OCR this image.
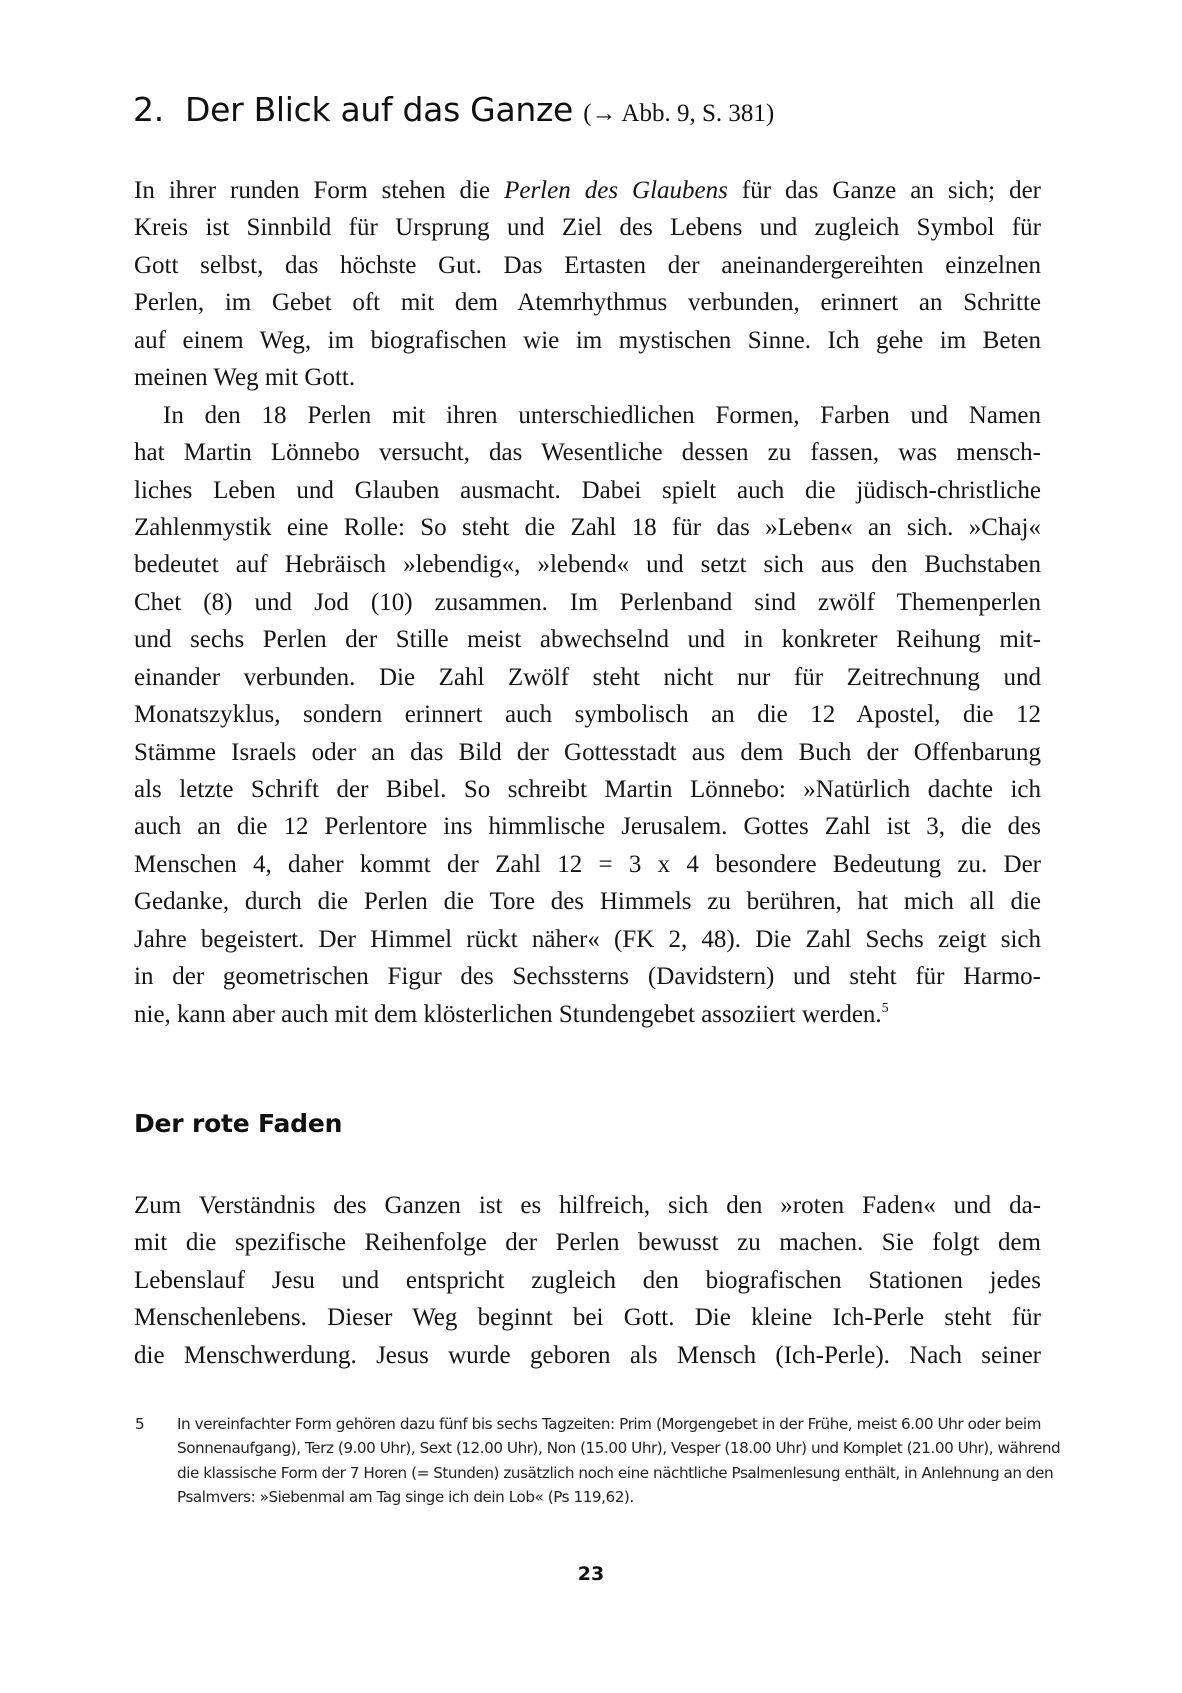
2. Der Blick auf das Ganze (→ Abb. 9, S. 381)
In ihrer runden Form stehen die Perlen des Glaubens für das Ganze an sich; der
Kreis ist Sinnbild für Ursprung und Ziel des Lebens und zugleich Symbol für
Gott selbst, das höchste Gut. Das Ertasten der aneinandergereihten einzelnen
Perlen, im Gebet oft mit dem Atemrhythmus verbunden, erinnert an Schritte
auf einem Weg, im biografischen wie im mystischen Sinne. Ich gehe im Beten
meinen Weg mit Gott.
In den 18 Perlen mit ihren unterschiedlichen Formen, Farben und Namen
hat Martin Lönnebo versucht, das Wesentliche dessen zu fassen, was mensch-
liches Leben und Glauben ausmacht. Dabei spielt auch die jüdisch-christliche
Zahlenmystik eine Rolle: So steht die Zahl 18 für das »Leben« an sich. »Chaj«
bedeutet auf Hebräisch »lebendig«, »lebend« und setzt sich aus den Buchstaben
Chet (8) und Jod (10) zusammen. Im Perlenband sind zwölf Themenperlen
und sechs Perlen der Stille meist abwechselnd und in konkreter Reihung mit-
einander verbunden. Die Zahl Zwölf steht nicht nur für Zeitrechnung und
Monatszyklus, sondern erinnert auch symbolisch an die 12 Apostel, die 12
Stämme Israels oder an das Bild der Gottesstadt aus dem Buch der Offenbarung
als letzte Schrift der Bibel. So schreibt Martin Lönnebo: »Natürlich dachte ich
auch an die 12 Perlentore ins himmlische Jerusalem. Gottes Zahl ist 3, die des
Menschen 4, daher kommt der Zahl 12 = 3 x 4 besondere Bedeutung zu. Der
Gedanke, durch die Perlen die Tore des Himmels zu berühren, hat mich all die
Jahre begeistert. Der Himmel rückt näher« (FK 2, 48). Die Zahl Sechs zeigt sich
in der geometrischen Figur des Sechssterns (Davidstern) und steht für Harmo-
nie, kann aber auch mit dem klösterlichen Stundengebet assoziiert werden.$^5$
Der rote Faden
Zum Verständnis des Ganzen ist es hilfreich, sich den »roten Faden« und da-
mit die spezifische Reihenfolge der Perlen bewusst zu machen. Sie folgt dem
Lebenslauf Jesu und entspricht zugleich den biografischen Stationen jedes
Menschenlebens. Dieser Weg beginnt bei Gott. Die kleine Ich-Perle steht für
die Menschwerdung. Jesus wurde geboren als Mensch (Ich-Perle). Nach seiner
5 In vereinfachter Form gehören dazu fünf bis sechs Tagzeiten: Prim (Morgengebet in der Frühe, meist 6.00 Uhr oder beim
Sonnenaufgang), Terz (9.00 Uhr), Sext (12.00 Uhr), Non (15.00 Uhr), Vesper (18.00 Uhr) und Komplet (21.00 Uhr), während
die klassische Form der 7 Horen (= Stunden) zusätzlich noch eine nächtliche Psalmenlesung enthält, in Anlehnung an den
Psalmvers: »Siebenmal am Tag singe ich dein Lob« (Ps 119,62).
23
